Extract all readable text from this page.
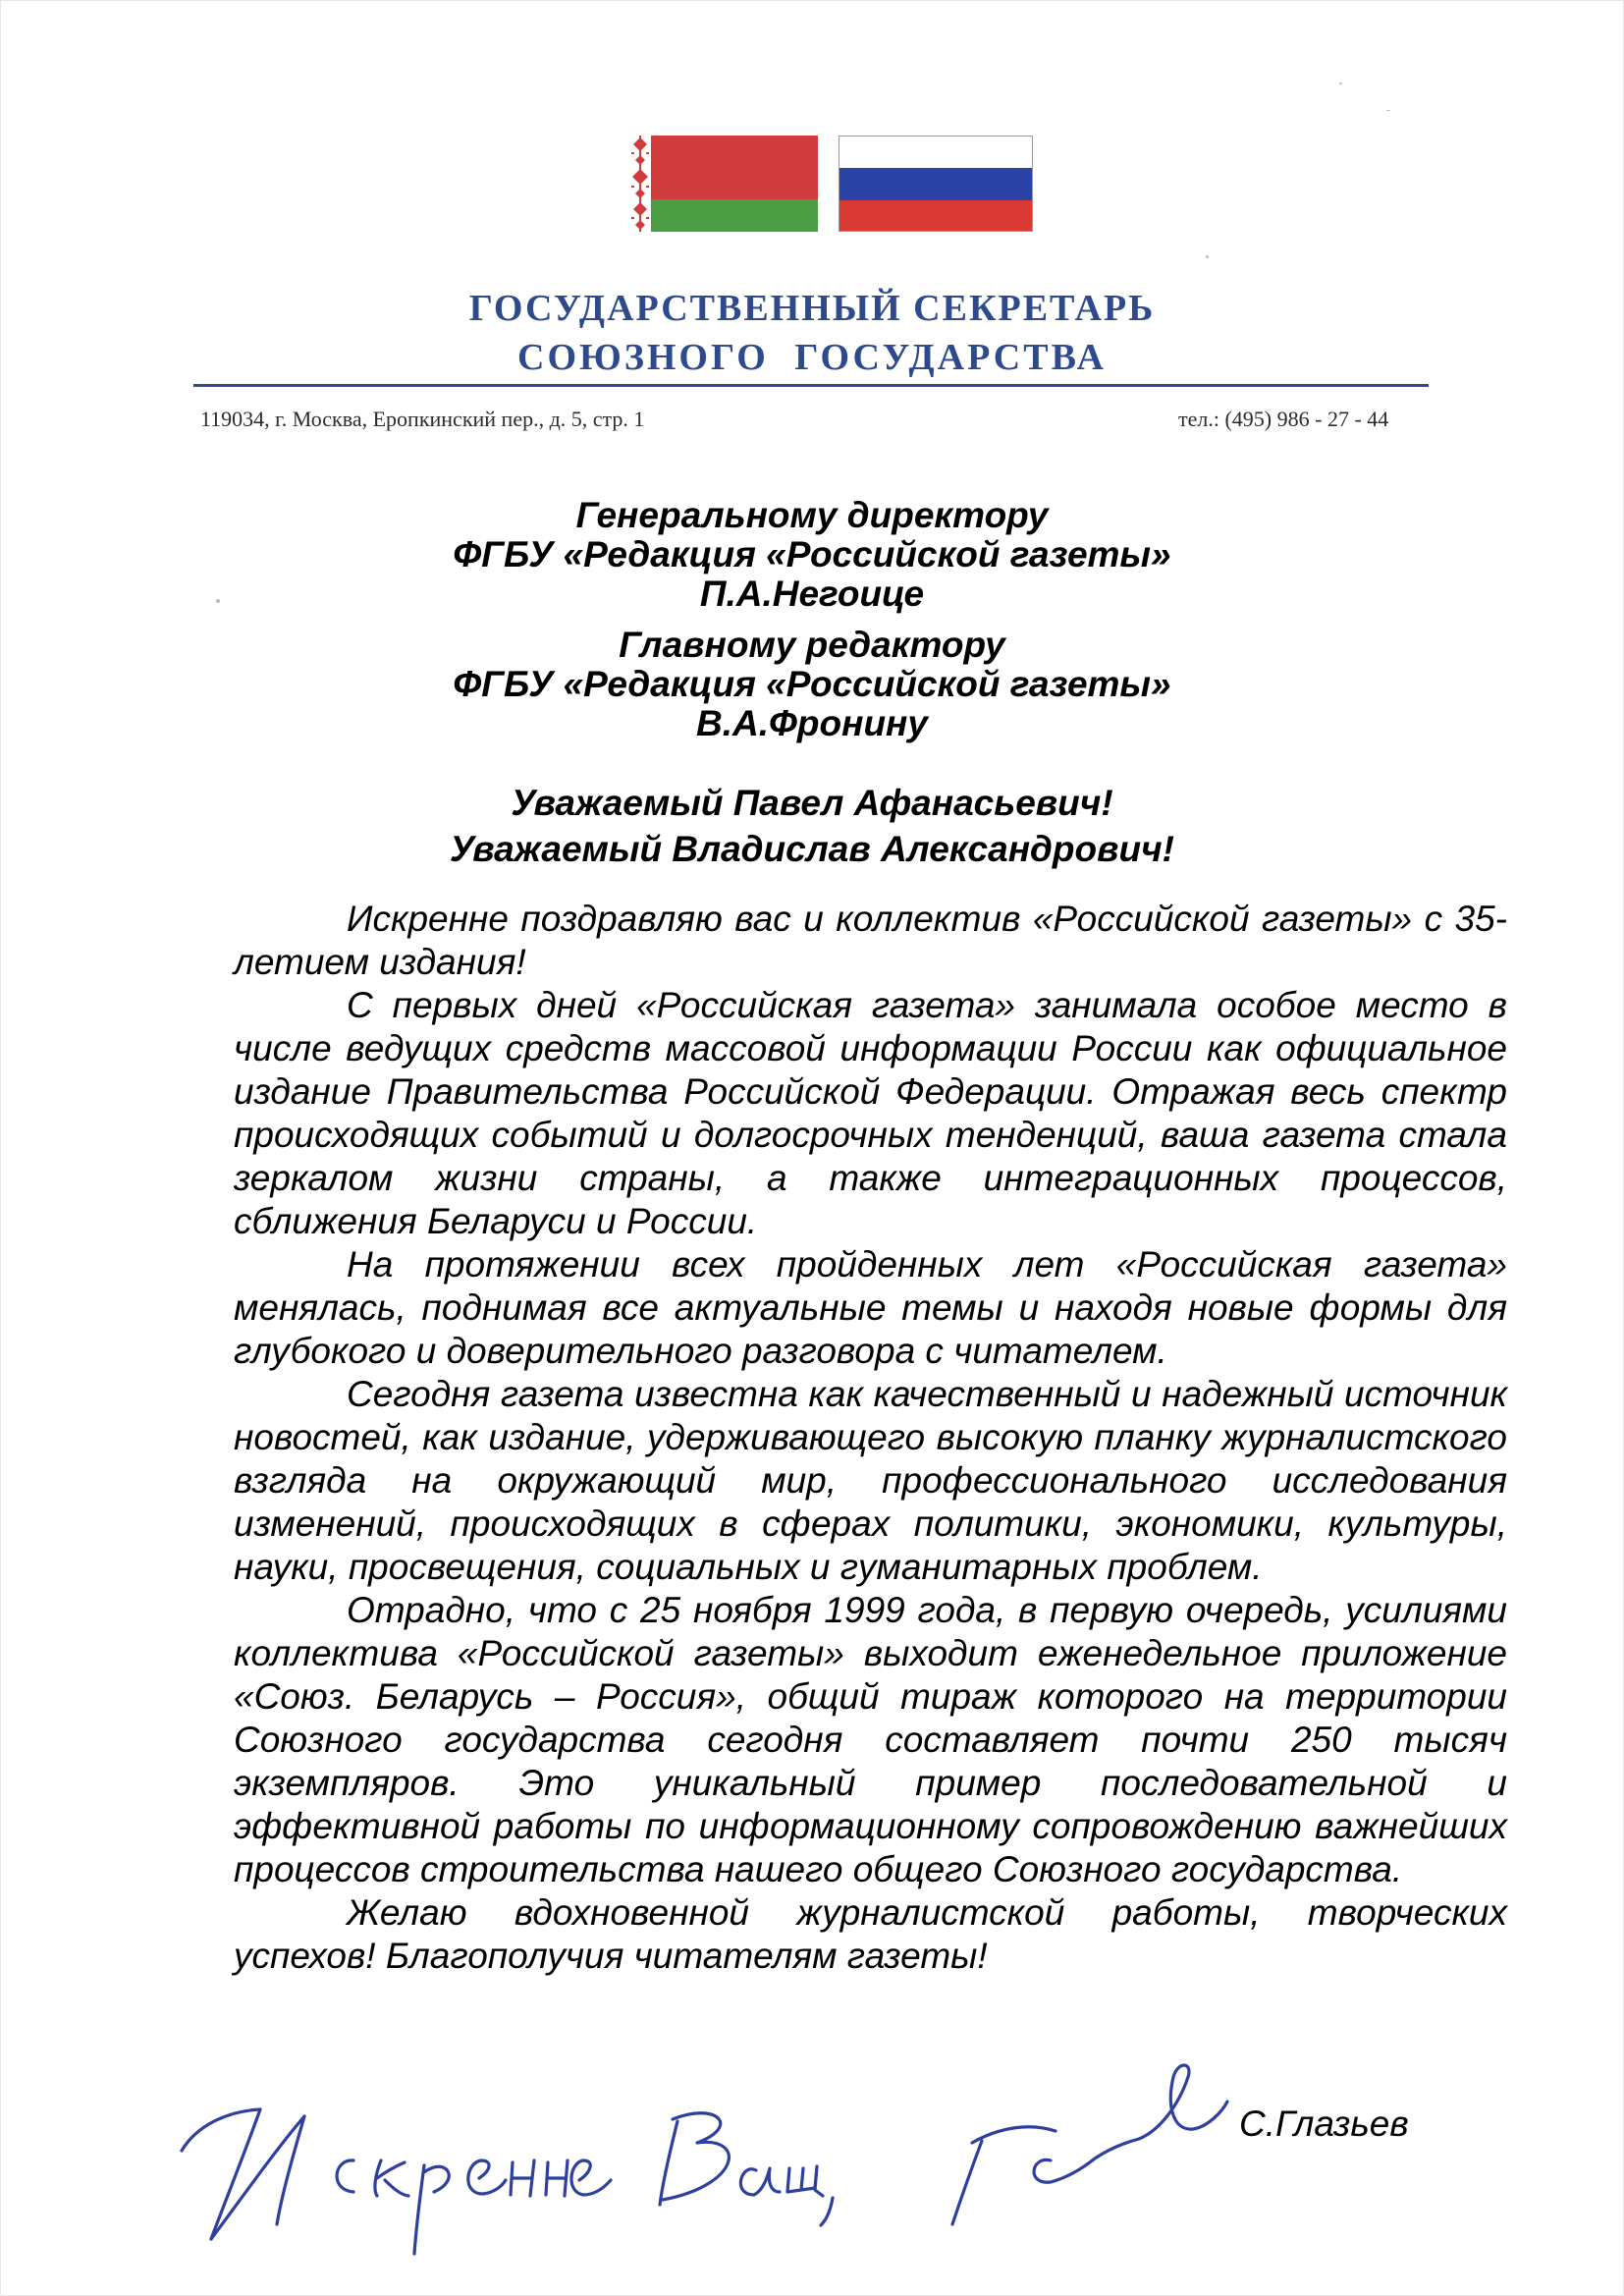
ГОСУДАРСТВЕННЫЙ СЕКРЕТАРЬ
СОЮЗНОГО ГОСУДАРСТВА
119034, г. Москва, Еропкинский пер., д. 5, стр. 1	тел.: (495) 986 - 27 - 44
Генеральному директору
ФГБУ «Редакция «Российской газеты»
П.А.Негоице
Главному редактору
ФГБУ «Редакция «Российской газеты»
В.А.Фронину
Уважаемый Павел Афанасьевич!
Уважаемый Владислав Александрович!

Искренне поздравляю вас и коллектив «Российской газеты» с 35-летием издания!

С первых дней «Российская газета» занимала особое место в числе ведущих средств массовой информации России как официальное издание Правительства Российской Федерации. Отражая весь спектр происходящих событий и долгосрочных тенденций, ваша газета стала зеркалом жизни страны, а также интеграционных процессов, сближения Беларуси и России.

На протяжении всех пройденных лет «Российская газета» менялась, поднимая все актуальные темы и находя новые формы для глубокого и доверительного разговора с читателем.

Сегодня газета известна как качественный и надежный источник новостей, как издание, удерживающего высокую планку журналистского взгляда на окружающий мир, профессионального исследования изменений, происходящих в сферах политики, экономики, культуры, науки, просвещения, социальных и гуманитарных проблем.

Отрадно, что с 25 ноября 1999 года, в первую очередь, усилиями коллектива «Российской газеты» выходит еженедельное приложение «Союз. Беларусь – Россия», общий тираж которого на территории Союзного государства сегодня составляет почти 250 тысяч экземпляров. Это уникальный пример последовательной и эффективной работы по информационному сопровождению важнейших процессов строительства нашего общего Союзного государства.

Желаю вдохновенной журналистской работы, творческих успехов! Благополучия читателям газеты!

С.Глазьев
